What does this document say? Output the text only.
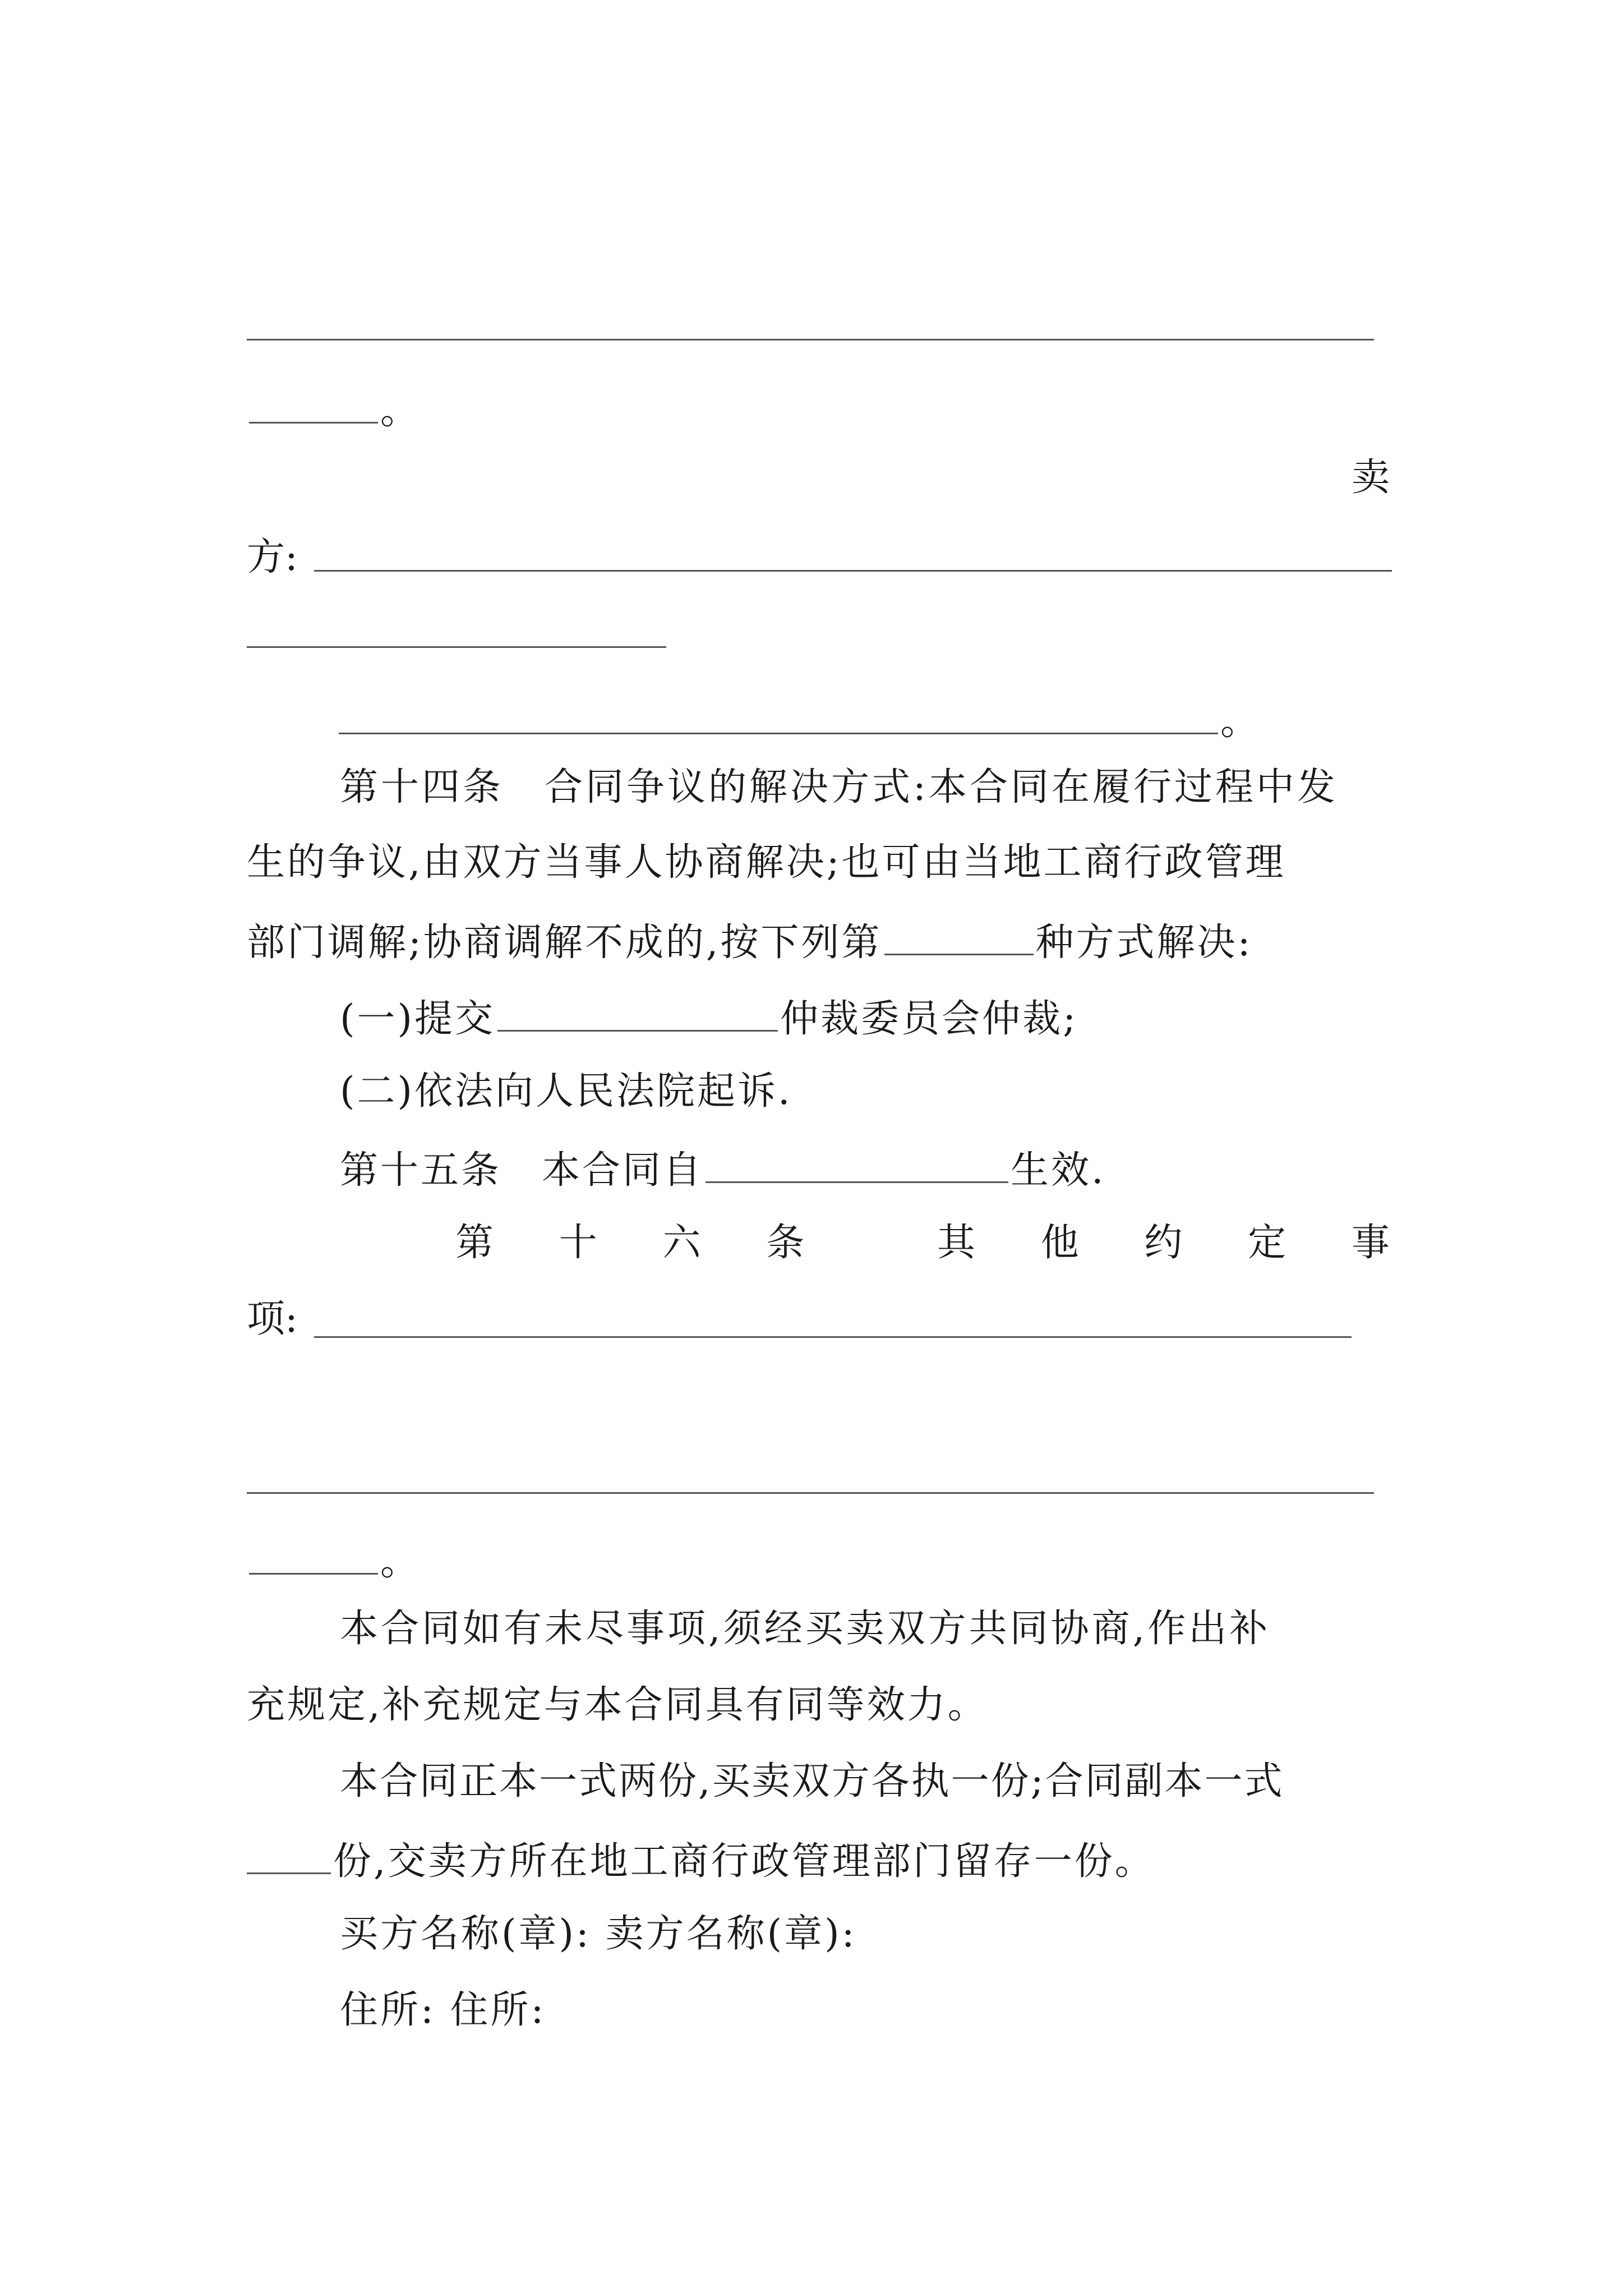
。
卖
方:
。
第十四条　合同争议的解决方式:本合同在履行过程中发
生的争议,由双方当事人协商解决;也可由当地工商行政管理
部门调解;协商调解不成的,按下列第	种方式解决:
(一)提交	仲裁委员会仲裁;
(二)依法向人民法院起诉.
第十五条　本合同自	生效.
第 十 六 条	其 他 约 定 事
项:
。
本合同如有未尽事项,须经买卖双方共同协商,作出补
充规定,补充规定与本合同具有同等效力。
本合同正本一式两份,买卖双方各执一份;合同副本一式
份,交卖方所在地工商行政管理部门留存一份。
买方名称(章): 卖方名称(章):
住所: 住所:
